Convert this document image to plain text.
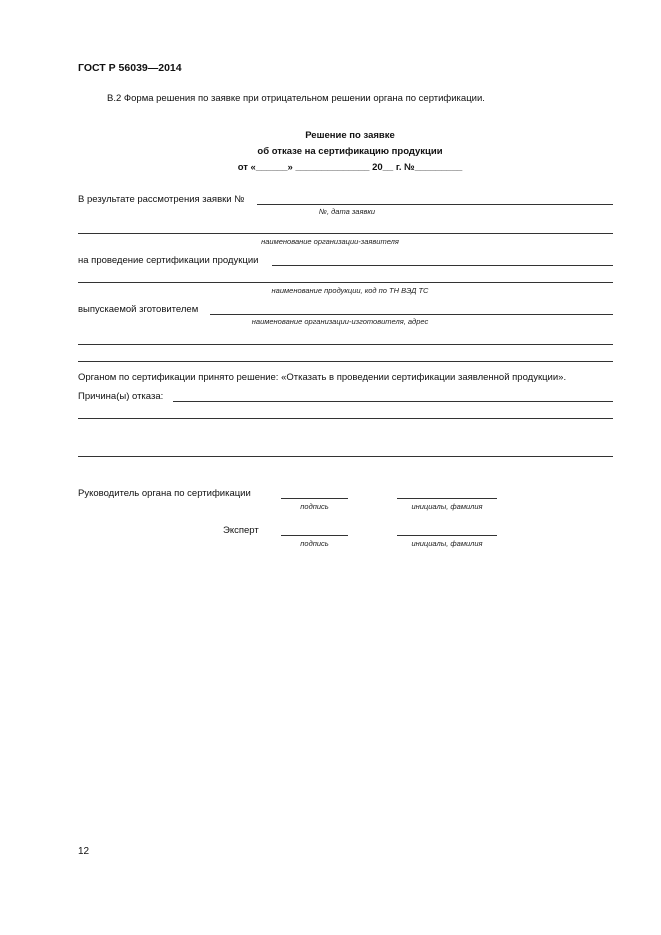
ГОСТ Р 56039—2014
В.2 Форма решения по заявке при отрицательном решении органа по сертификации.
Решение по заявке
об отказе на сертификацию продукции
от «______» ______________ 20__ г. №_________
В результате рассмотрения заявки №
№, дата заявки
наименование организации-заявителя
на проведение сертификации продукции
наименование продукции, код по ТН ВЭД ТС
выпускаемой зготовителем
наименование организации-изготовителя, адрес
Органом по сертификации принято решение: «Отказать в проведении сертификации заявленной продукции».
Причина(ы) отказа:
Руководитель органа по сертификации
подпись	инициалы, фамилия
Эксперт
подпись	инициалы, фамилия
12
